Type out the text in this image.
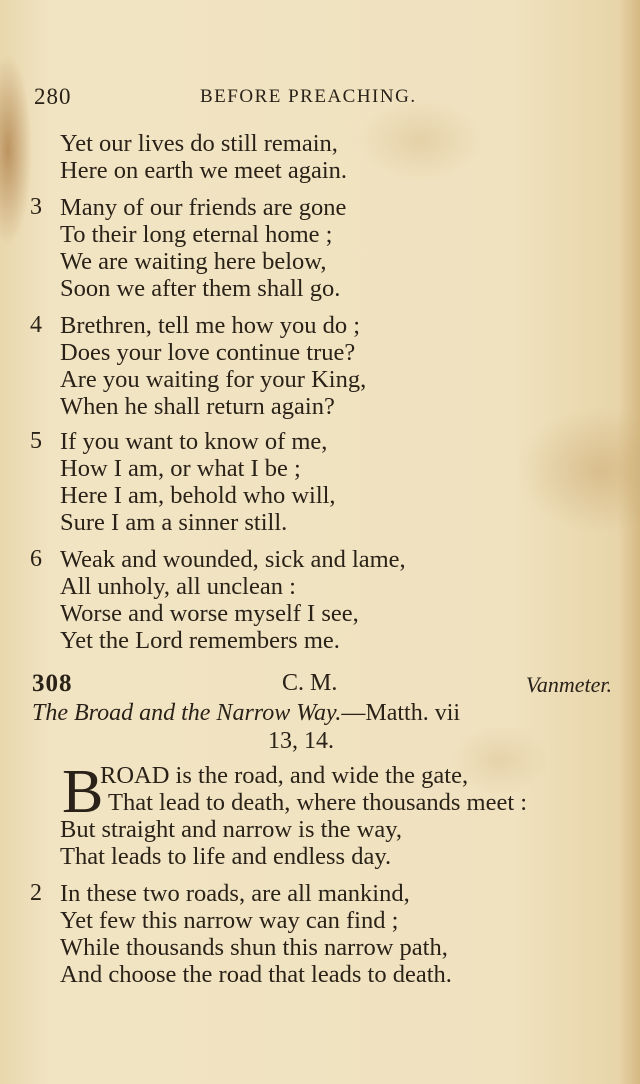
280	BEFORE PREACHING.
Yet our lives do still remain,
Here on earth we meet again.
3 Many of our friends are gone
To their long eternal home ;
We are waiting here below,
Soon we after them shall go.
4 Brethren, tell me how you do ;
Does your love continue true?
Are you waiting for your King,
When he shall return again?
5 If you want to know of me,
How I am, or what I be ;
Here I am, behold who will,
Sure I am a sinner still.
6 Weak and wounded, sick and lame,
All unholy, all unclean :
Worse and worse myself I see,
Yet the Lord remembers me.
308	C. M.	Vanmeter.
The Broad and the Narrow Way.—Matth. vii
13, 14.
B
ROAD is the road, and wide the gate,
That lead to death, where thousands meet :
But straight and narrow is the way,
That leads to life and endless day.
2 In these two roads, are all mankind,
Yet few this narrow way can find ;
While thousands shun this narrow path,
And choose the road that leads to death.
